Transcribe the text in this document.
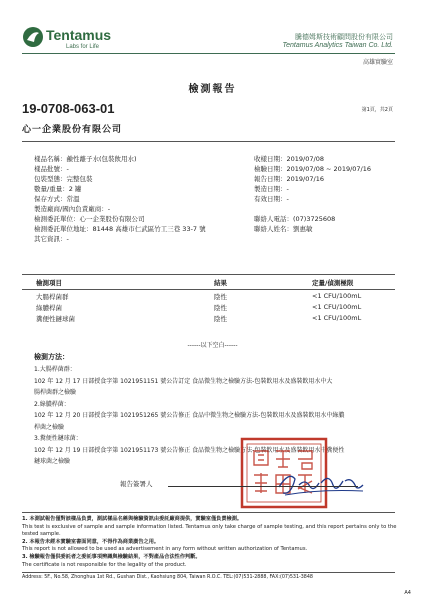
Tentamus
Labs for Life
騰德姆斯技術顧問股份有限公司
Tentamus Analytics Taiwan Co. Ltd.
高雄實驗室
檢測報告
19-0708-063-01	第1頁，共2頁
心一企業股份有限公司
樣品名稱：鹼性離子水(包裝飲用水)
樣品批號：-
包裝型態：完整包裝
數量/重量：2 罐
保存方式：常溫
製造廠商/國內負責廠商：-
檢測委託單位：心一企業股份有限公司
檢測委託單位地址：81448 高雄市仁武區竹工三巷 33-7 號
其它資訊：-
收樣日期：2019/07/08
檢驗日期：2019/07/08 ~ 2019/07/16
報告日期：2019/07/16
製造日期：-
有效日期：-
聯絡人電話：(07)3725608
聯絡人姓名：劉惠敏
檢測項目	結果	定量/偵測極限
大腸桿菌群	陰性	<1 CFU/100mL
綠膿桿菌	陰性	<1 CFU/100mL
糞便性鏈球菌	陰性	<1 CFU/100mL
------以下空白------
檢測方法：
1.大腸桿菌群：
102 年 12 月 17 日部授食字第 1021951151 號公告訂定 食品微生物之檢驗方法-包裝飲用水及盛裝飲用水中大
腸桿菌群之檢驗
2.綠膿桿菌：
102 年 12 月 20 日部授食字第 1021951265 號公告修正 食品中微生物之檢驗方法-包裝飲用水及盛裝飲用水中綠膿
桿菌之檢驗
3.糞便性鏈球菌：
102 年 12 月 19 日部授食字第 1021951173 號公告修正 食品微生物之檢驗方法-包裝飲用水及盛裝飲用水中糞便性
鏈球菌之檢驗
報告簽署人
1. 本測試報告僅對該樣品負責，測試樣品名稱與檢驗資訊由委託廠商提供，實驗室僅負責檢測。
This test is exclusive of sample and sample information listed. Tentamus only take charge of sample testing, and this report pertains only to the tested sample.
2. 本報告未經本實驗室書面同意，不得作為商業廣告之用。
This report is not allowed to be used as advertisement in any form without written authorization of Tentamus.
3. 檢驗報告僅供委託者之委託事項辨識與檢驗結果，不對產品合法性作判斷。
The certificate is not responsible for the legality of the product.
Address: 5F., No.58, Zhonghua 1st Rd., Gushan Dist., Kaohsiung 804, Taiwan R.O.C. TEL:(07)531-2888, FAX:(07)531-3848
A4
